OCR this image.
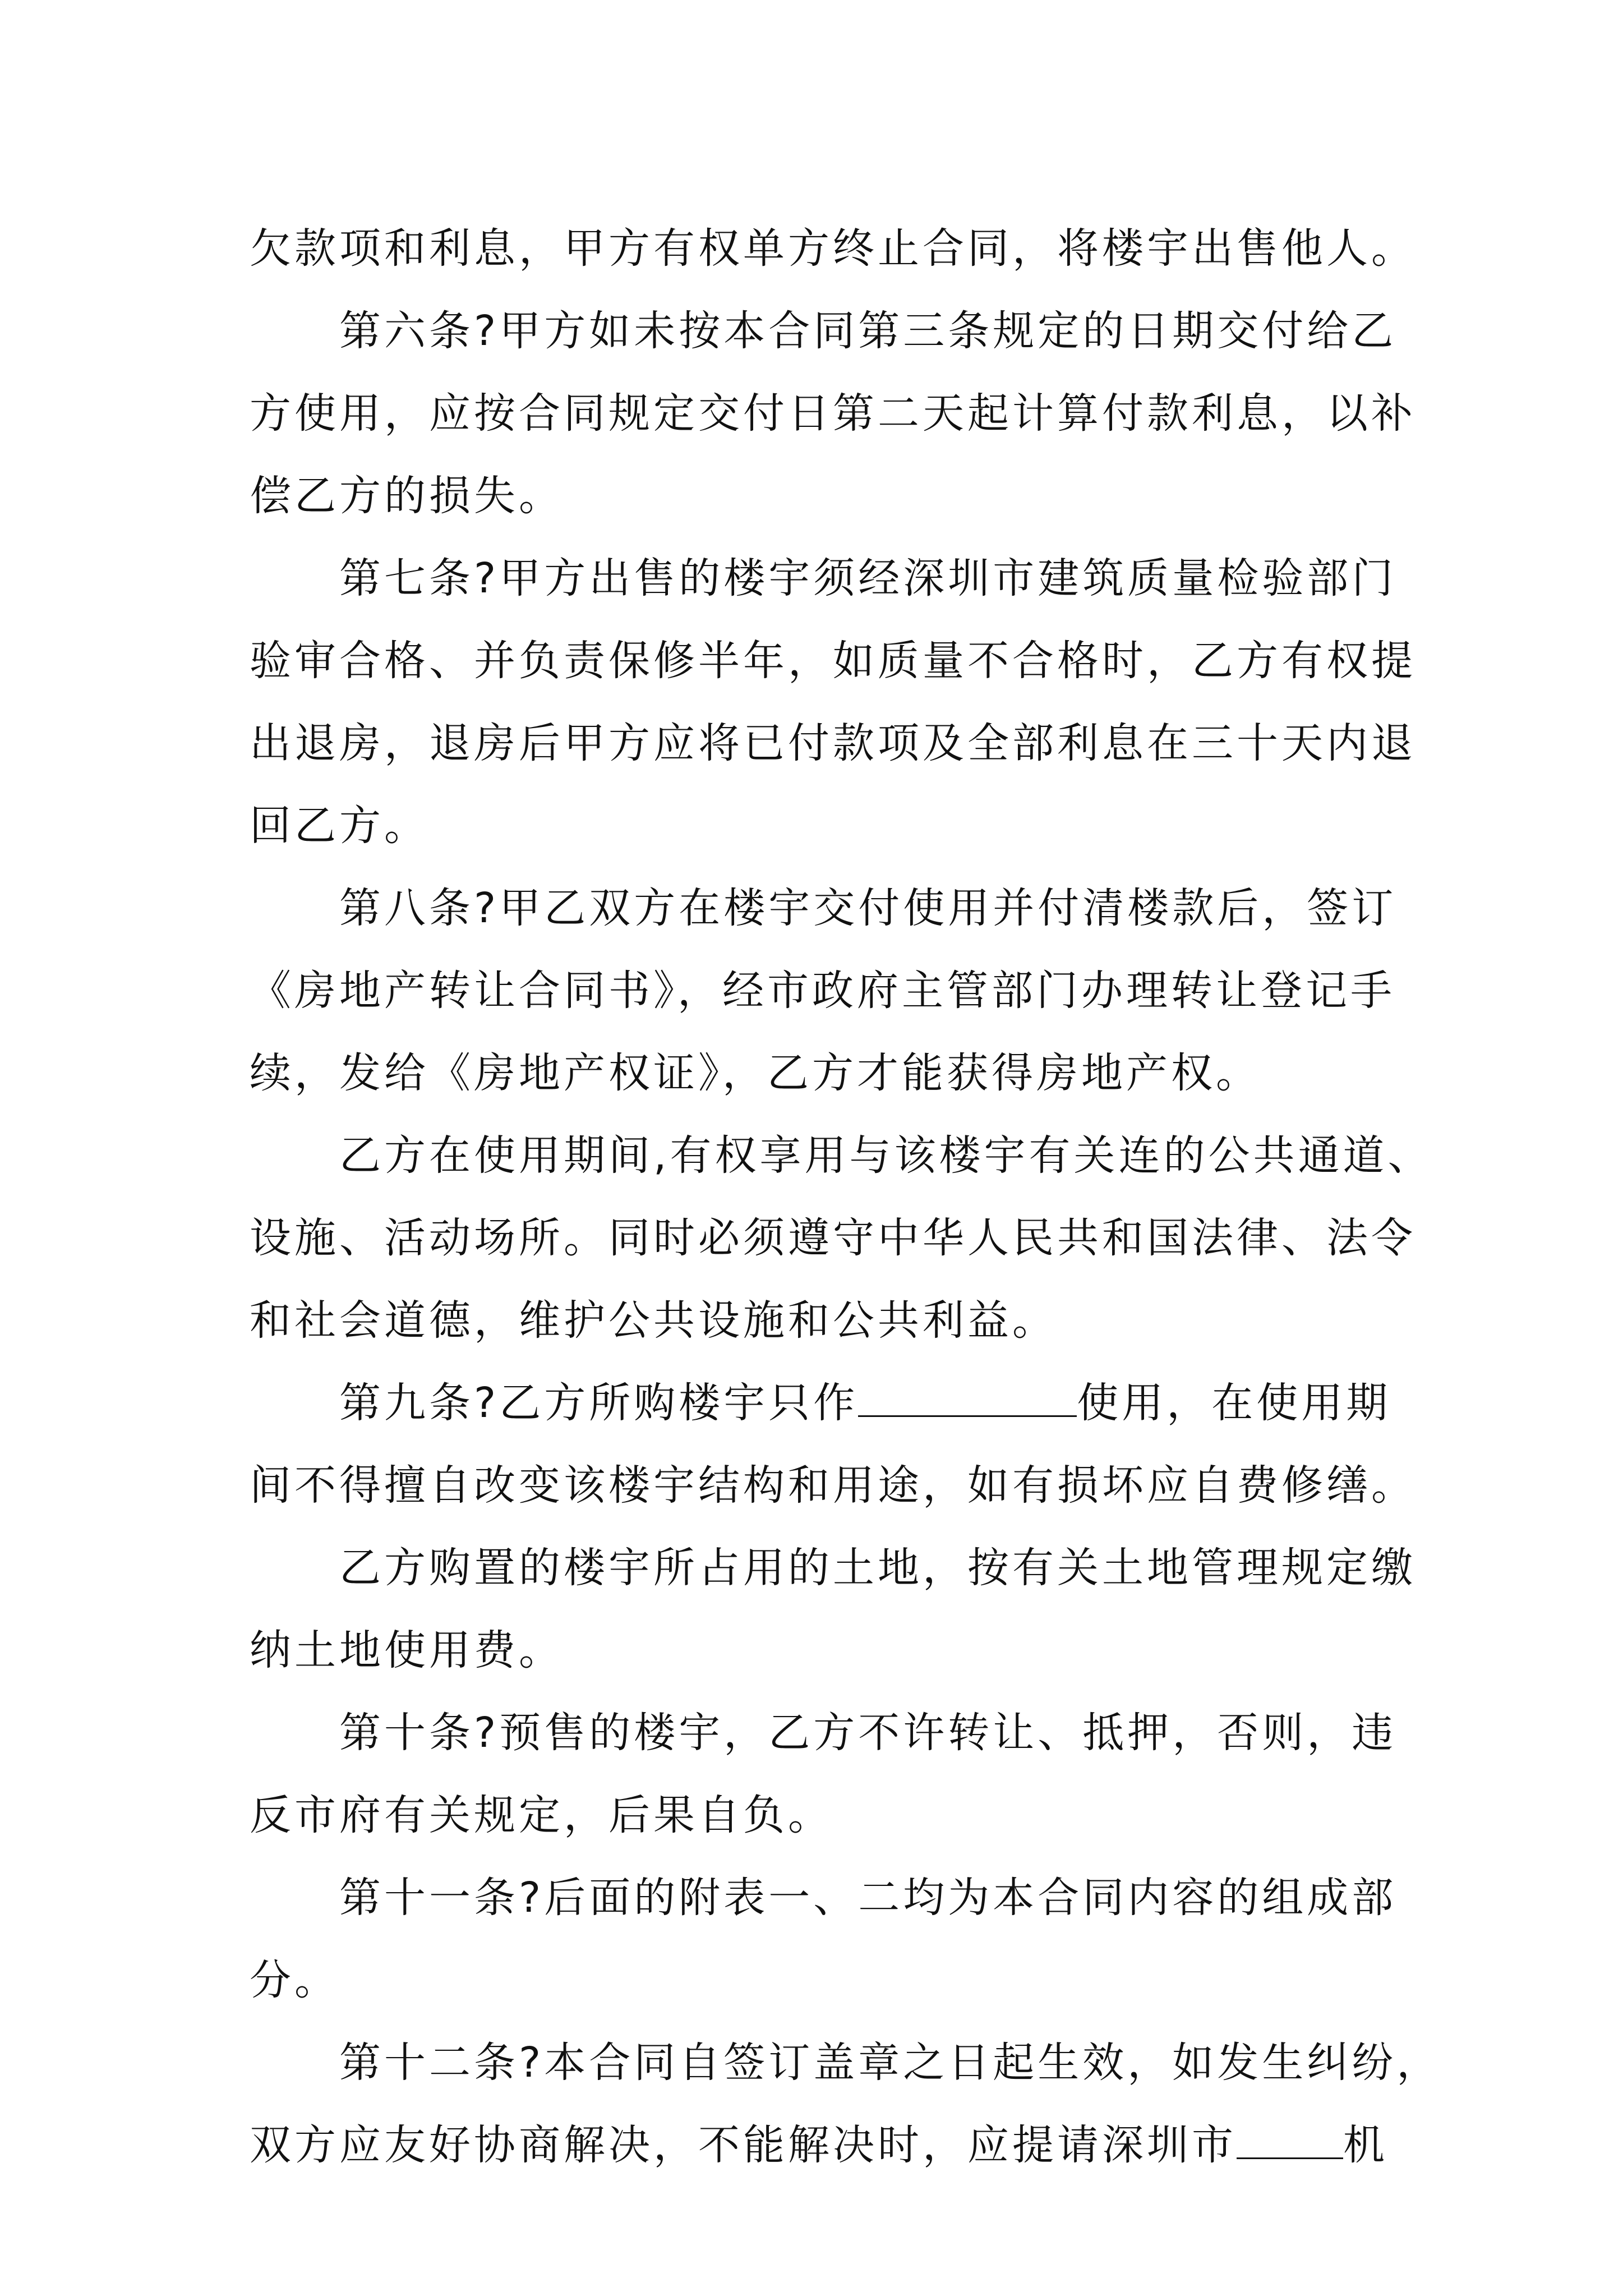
欠款项和利息，甲方有权单方终止合同，将楼宇出售他人。
第六条?甲方如未按本合同第三条规定的日期交付给乙
方使用，应按合同规定交付日第二天起计算付款利息，以补
偿乙方的损失。
第七条?甲方出售的楼宇须经深圳市建筑质量检验部门
验审合格、并负责保修半年，如质量不合格时，乙方有权提
出退房，退房后甲方应将已付款项及全部利息在三十天内退
回乙方。
第八条?甲乙双方在楼宇交付使用并付清楼款后，签订
《房地产转让合同书》，经市政府主管部门办理转让登记手
续，发给《房地产权证》，乙方才能获得房地产权。
乙方在使用期间,有权享用与该楼宇有关连的公共通道、
设施、活动场所。同时必须遵守中华人民共和国法律、法令
和社会道德，维护公共设施和公共利益。
第九条?乙方所购楼宇只作	使用，在使用期
间不得擅自改变该楼宇结构和用途，如有损坏应自费修缮。
乙方购置的楼宇所占用的土地，按有关土地管理规定缴
纳土地使用费。
第十条?预售的楼宇，乙方不许转让、抵押，否则，违
反市府有关规定，后果自负。
第十一条?后面的附表一、二均为本合同内容的组成部
分。
第十二条?本合同自签订盖章之日起生效，如发生纠纷，
双方应友好协商解决，不能解决时，应提请深圳市	机
